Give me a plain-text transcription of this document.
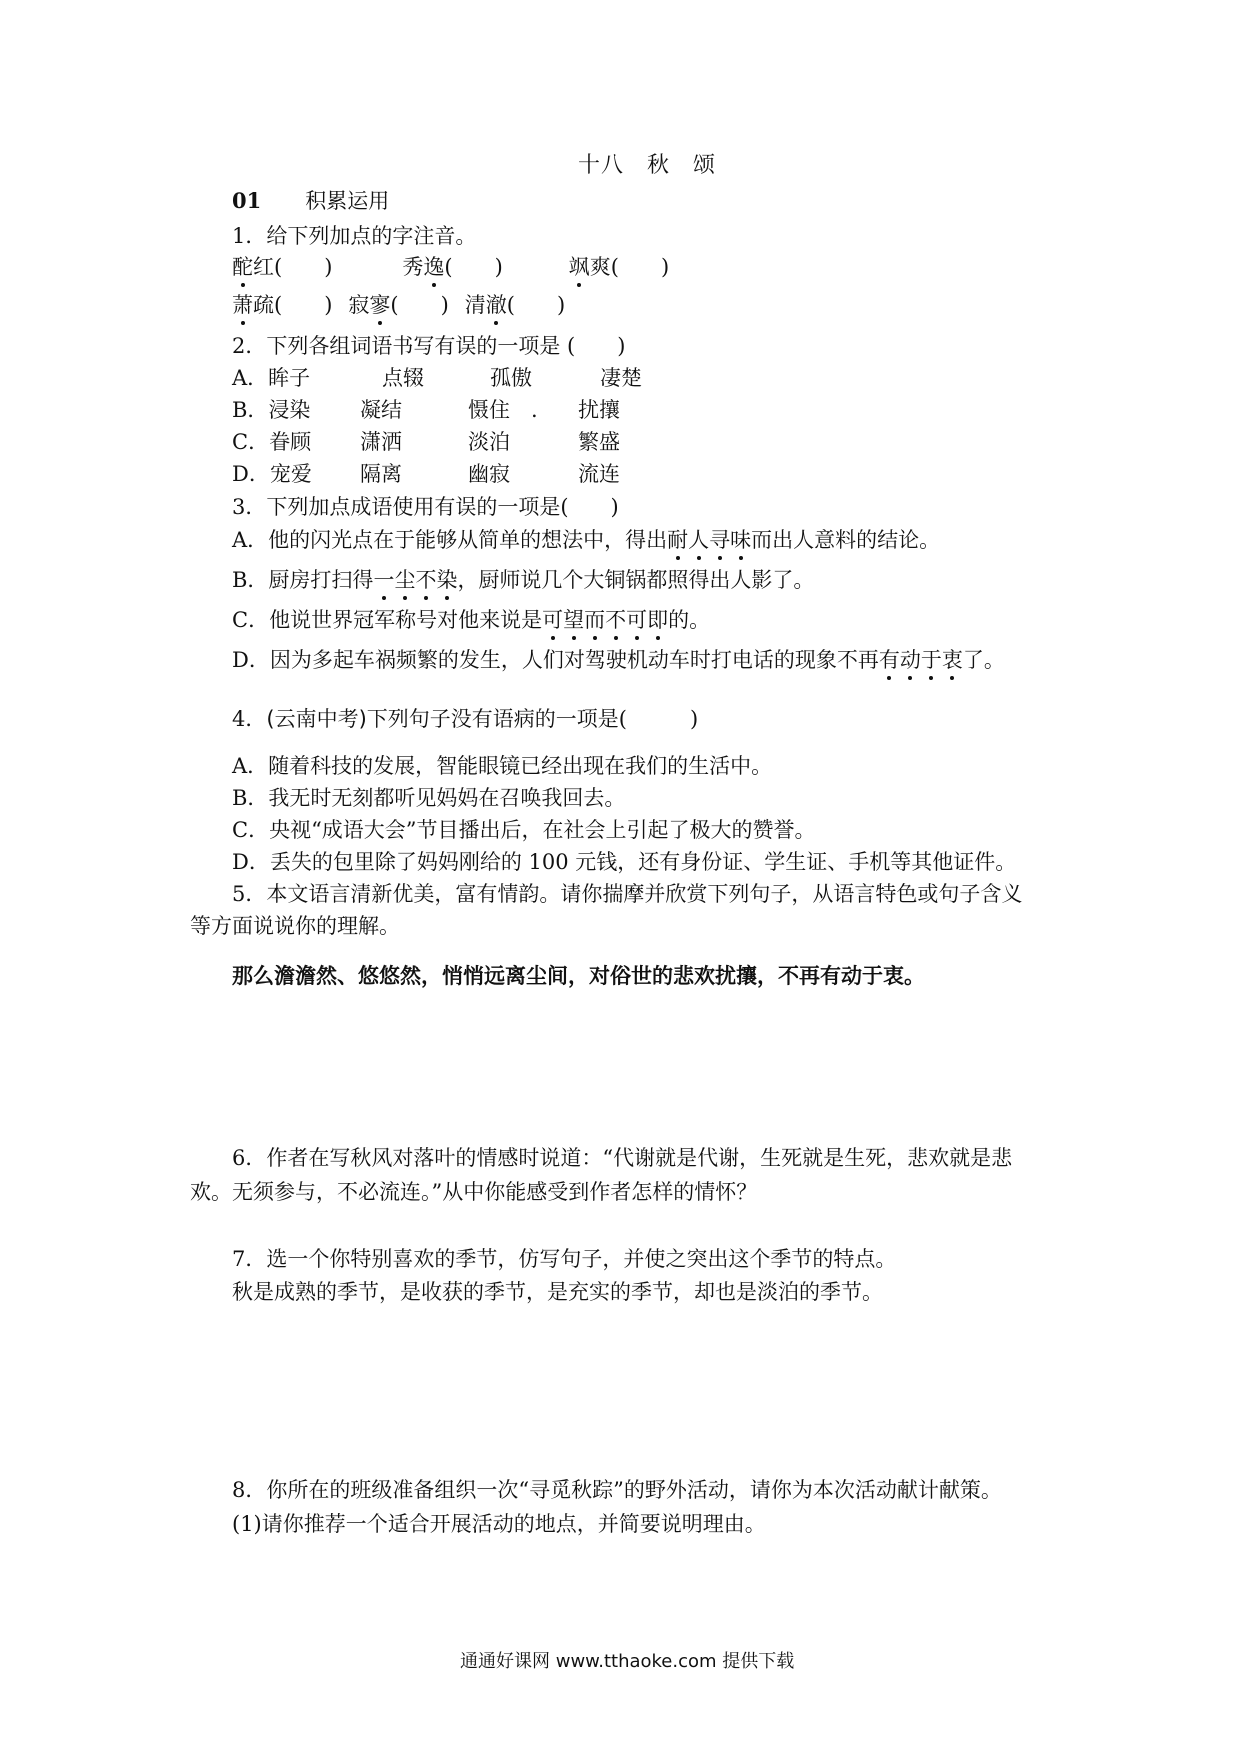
十八　秋　颂
01 积累运用
1．给下列加点的字注音。
酡红(　　)	秀逸(　　)	飒爽(　　)
萧疏(　　) 寂寥(　　) 清澈(　　)
2．下列各组词语书写有误的一项是 (　　)
A．眸子	点辍	孤傲	凄楚
B．浸染 凝结	慑住　. 扰攘
C．眷顾 潇洒	淡泊	繁盛
D．宠爱 隔离	幽寂	流连
3．下列加点成语使用有误的一项是(　　)
A．他的闪光点在于能够从简单的想法中，得出耐人寻味而出人意料的结论。
B．厨房打扫得一尘不染，厨师说几个大铜锅都照得出人影了。
C．他说世界冠军称号对他来说是可望而不可即的。
D．因为多起车祸频繁的发生，人们对驾驶机动车时打电话的现象不再有动于衷了。
4．(云南中考)下列句子没有语病的一项是(　　　)
A．随着科技的发展，智能眼镜已经出现在我们的生活中。
B．我无时无刻都听见妈妈在召唤我回去。
C．央视“成语大会”节目播出后，在社会上引起了极大的赞誉。
D．丢失的包里除了妈妈刚给的 100 元钱，还有身份证、学生证、手机等其他证件。
5．本文语言清新优美，富有情韵。请你揣摩并欣赏下列句子，从语言特色或句子含义
等方面说说你的理解。
那么澹澹然、悠悠然，悄悄远离尘间，对俗世的悲欢扰攘，不再有动于衷。
6．作者在写秋风对落叶的情感时说道：“代谢就是代谢，生死就是生死，悲欢就是悲
欢。无须参与，不必流连。”从中你能感受到作者怎样的情怀？
7．选一个你特别喜欢的季节，仿写句子，并使之突出这个季节的特点。
秋是成熟的季节，是收获的季节，是充实的季节，却也是淡泊的季节。
8．你所在的班级准备组织一次“寻觅秋踪”的野外活动，请你为本次活动献计献策。
(1)请你推荐一个适合开展活动的地点，并简要说明理由。
通通好课网 www.tthaoke.com 提供下载
